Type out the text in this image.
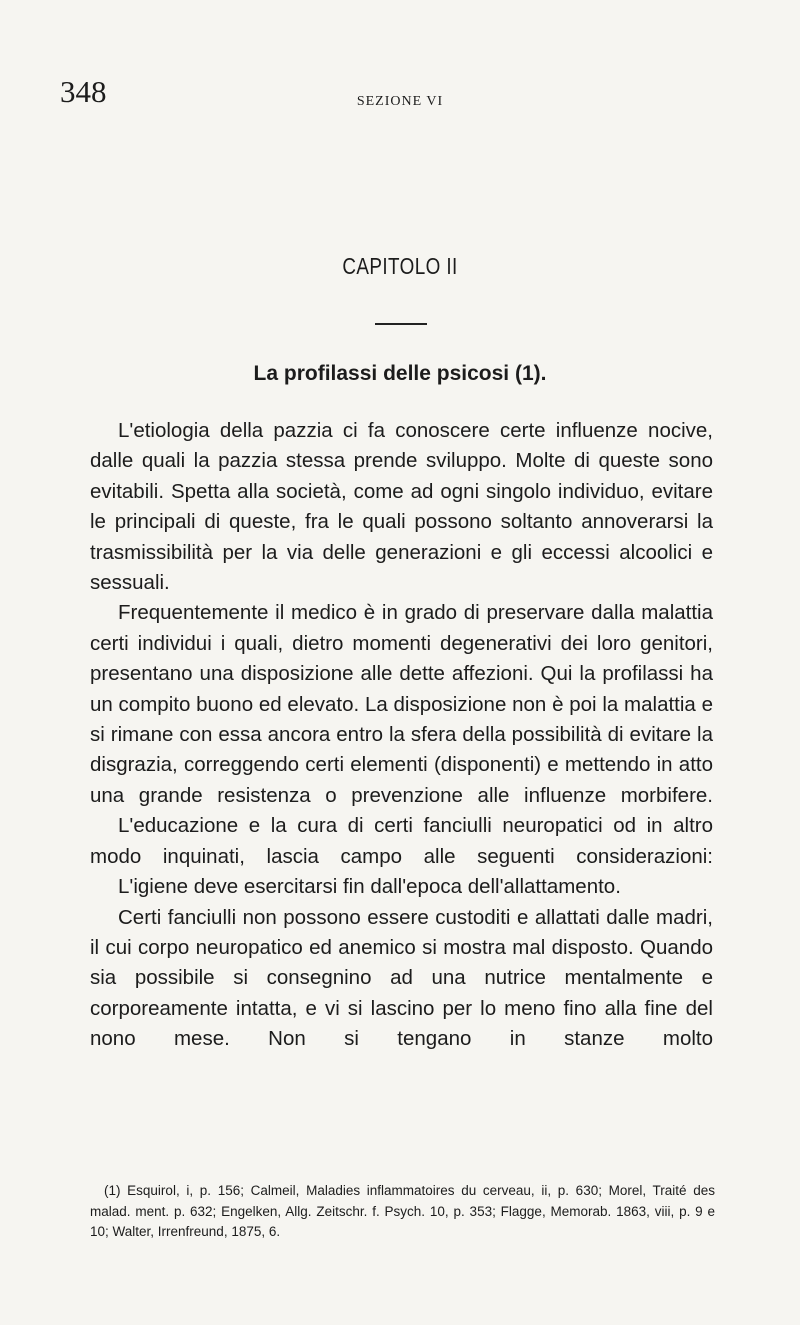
348	SEZIONE VI
CAPITOLO II
La profilassi delle psicosi (1).

L'etiologia della pazzia ci fa conoscere certe influenze nocive, dalle quali la pazzia stessa prende sviluppo. Molte di queste sono evitabili. Spetta alla società, come ad ogni singolo individuo, evitare le principali di queste, fra le quali possono soltanto annoverarsi la trasmissibilità per la via delle generazioni e gli eccessi alcoolici e sessuali.

Frequentemente il medico è in grado di preservare dalla malattia certi individui i quali, dietro momenti degenerativi dei loro genitori, presentano una disposizione alle dette affezioni. Qui la profilassi ha un compito buono ed elevato. La disposizione non è poi la malattia e si rimane con essa ancora entro la sfera della possibilità di evitare la disgrazia, correggendo certi elementi (disponenti) e mettendo in atto una grande resistenza o prevenzione alle influenze morbifere.

L'educazione e la cura di certi fanciulli neuropatici od in altro modo inquinati, lascia campo alle seguenti considerazioni:

L'igiene deve esercitarsi fin dall'epoca dell'allattamento.

Certi fanciulli non possono essere custoditi e allattati dalle madri, il cui corpo neuropatico ed anemico si mostra mal disposto. Quando sia possibile si consegnino ad una nutrice mentalmente e corporeamente intatta, e vi si lascino per lo meno fino alla fine del nono mese. Non si tengano in stanze molto

(1) Esquirol, i, p. 156; Calmeil, Maladies inflammatoires du cerveau, ii, p. 630; Morel, Traité des malad. ment. p. 632; Engelken, Allg. Zeitschr. f. Psych. 10, p. 353; Flagge, Memorab. 1863, viii, p. 9 e 10; Walter, Irrenfreund, 1875, 6.
